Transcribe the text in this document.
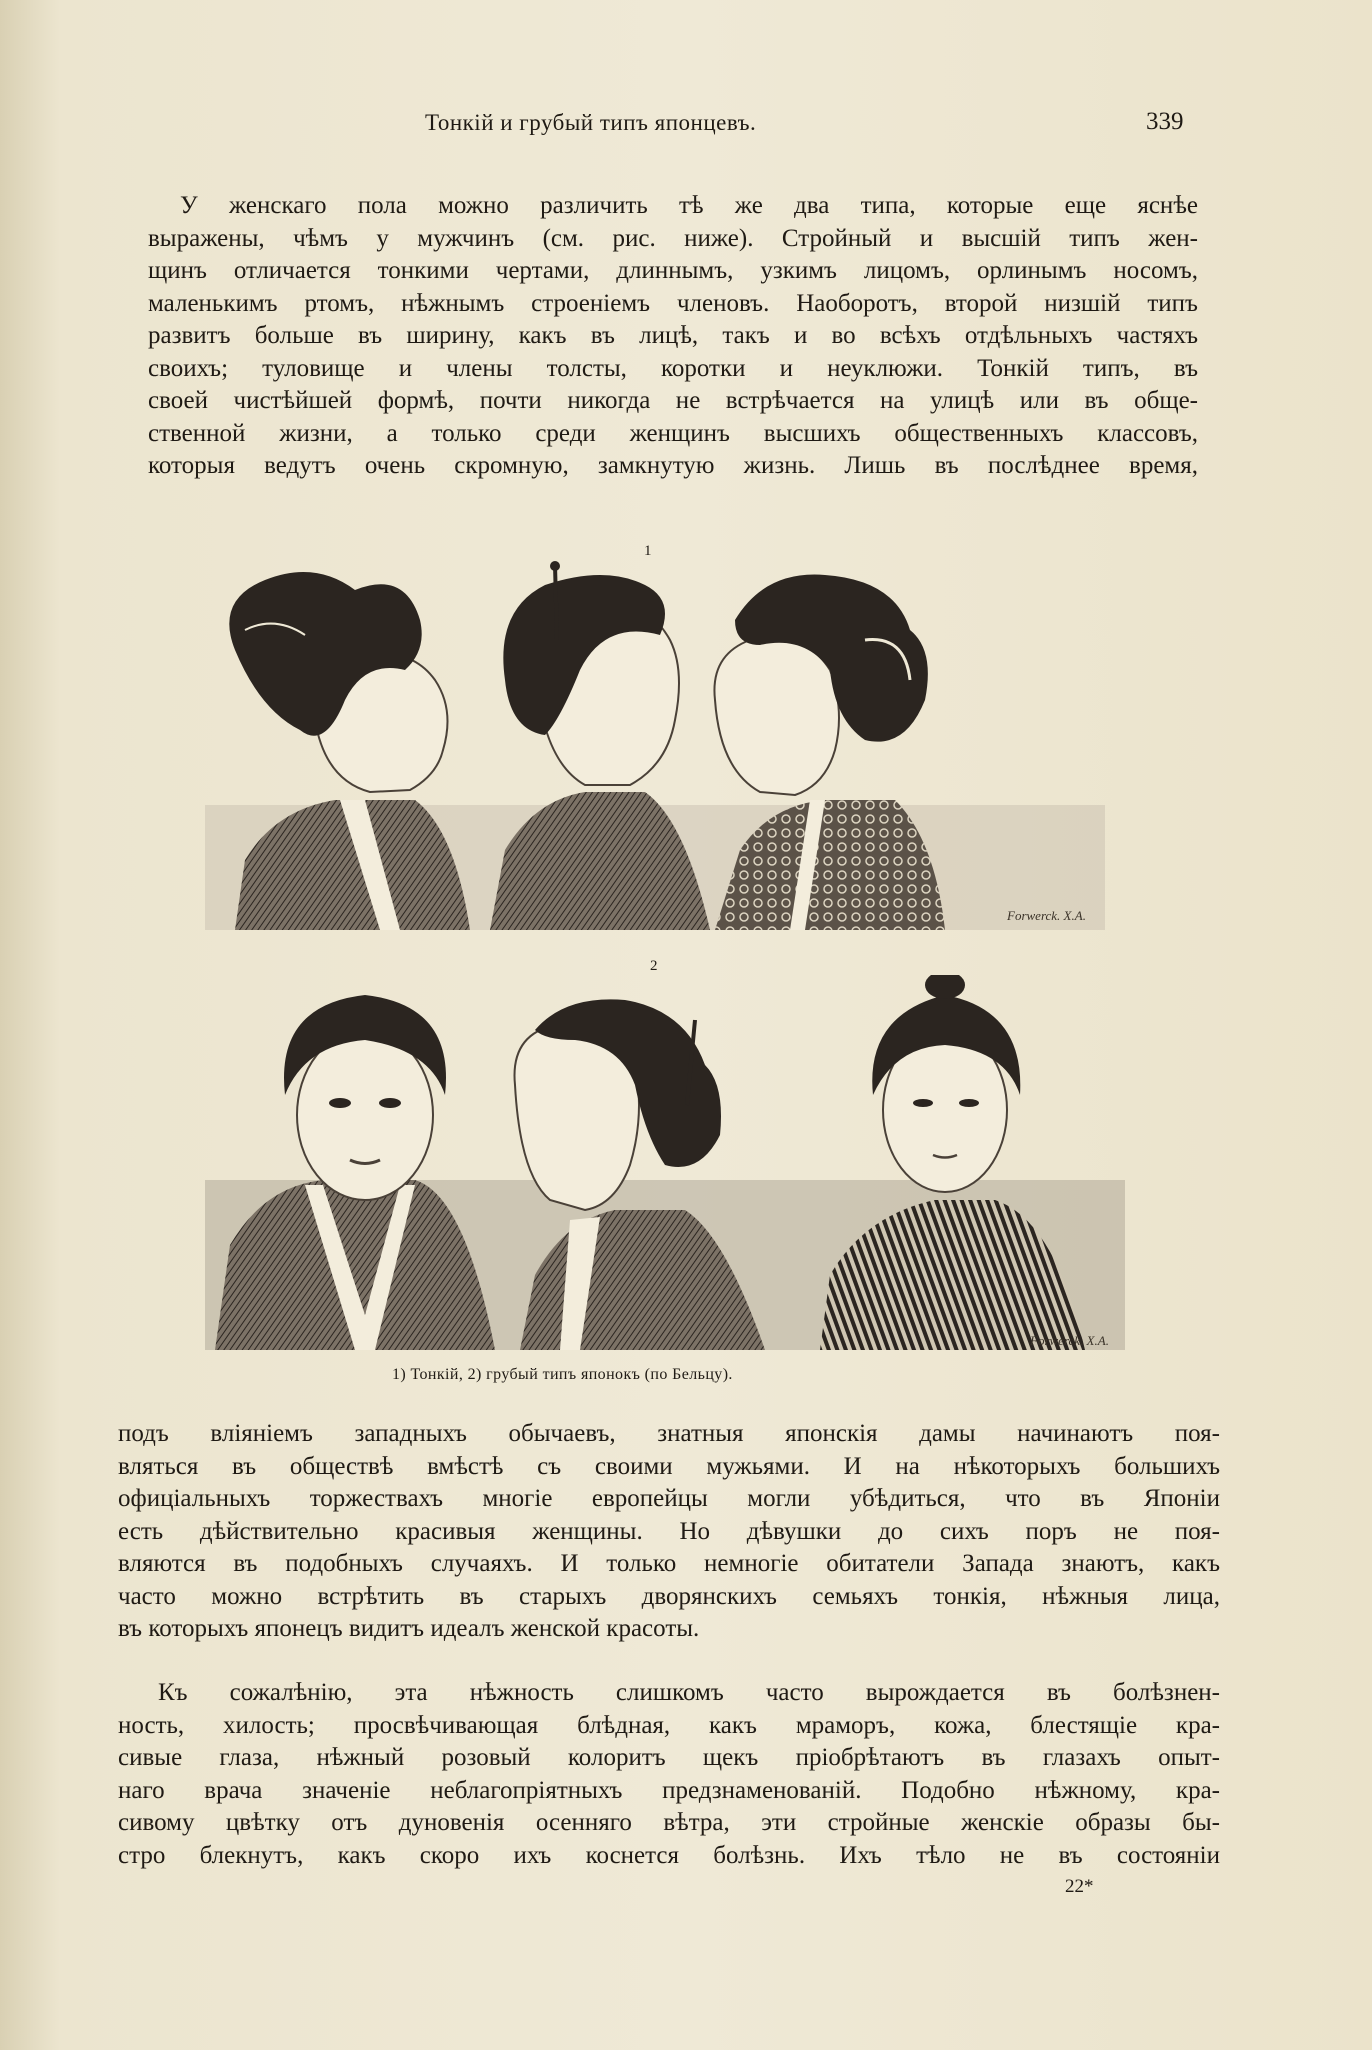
Тонкій и грубый типъ японцевъ.	339
У женскаго пола можно различить тѣ же два типа, которые еще яснѣе
выражены, чѣмъ у мужчинъ (см. рис. ниже). Стройный и высшій типъ жен-
щинъ отличается тонкими чертами, длиннымъ, узкимъ лицомъ, орлинымъ носомъ,
маленькимъ ртомъ, нѣжнымъ строеніемъ членовъ. Наоборотъ, второй низшій типъ
развитъ больше въ ширину, какъ въ лицѣ, такъ и во всѣхъ отдѣльныхъ частяхъ
своихъ; туловище и члены толсты, коротки и неуклюжи. Тонкій типъ, въ
своей чистѣйшей формѣ, почти никогда не встрѣчается на улицѣ или въ обще-
ственной жизни, а только среди женщинъ высшихъ общественныхъ классовъ,
которыя ведутъ очень скромную, замкнутую жизнь. Лишь въ послѣднее время,
1
Forwerck. X.A.
2
Forwerck. X.A.
1) Тонкій, 2) грубый типъ японокъ (по Бельцу).
подъ вліяніемъ западныхъ обычаевъ, знатныя японскія дамы начинаютъ поя-
вляться въ обществѣ вмѣстѣ съ своими мужьями. И на нѣкоторыхъ большихъ
офиціальныхъ торжествахъ многіе европейцы могли убѣдиться, что въ Японіи
есть дѣйствительно красивыя женщины. Но дѣвушки до сихъ поръ не поя-
вляются въ подобныхъ случаяхъ. И только немногіе обитатели Запада знаютъ, какъ
часто можно встрѣтить въ старыхъ дворянскихъ семьяхъ тонкія, нѣжныя лица,
въ которыхъ японецъ видитъ идеалъ женской красоты.
Къ сожалѣнію, эта нѣжность слишкомъ часто вырождается въ болѣзнен-
ность, хилость; просвѣчивающая блѣдная, какъ мраморъ, кожа, блестящіе кра-
сивые глаза, нѣжный розовый колоритъ щекъ пріобрѣтаютъ въ глазахъ опыт-
наго врача значеніе неблагопріятныхъ предзнаменованій. Подобно нѣжному, кра-
сивому цвѣтку отъ дуновенія осенняго вѣтра, эти стройные женскіе образы бы-
стро блекнутъ, какъ скоро ихъ коснется болѣзнь. Ихъ тѣло не въ состояніи
22*
